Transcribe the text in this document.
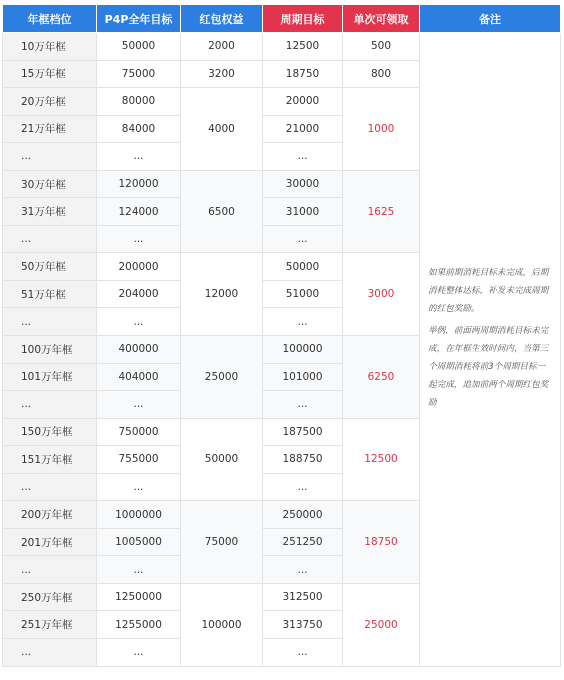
年框档位	P4P全年目标	红包权益	周期目标	单次可领取	备注
10万年框	50000	2000	12500	500	如果前期消耗目标未完成，后期消耗整体达标，补发未完成周期的红包奖励。

举例，前面两周期消耗目标未完成，在年框生效时间内，当第三个周期消耗将前3个周期目标一起完成，追加前两个周期红包奖励

15万年框	75000	3200	18750	800	
20万年框	80000	4000	20000	1000	
21万年框	84000		21000		
...	...		...		
30万年框	120000	6500	30000	1625	
31万年框	124000		31000		
...	...		...		
50万年框	200000	12000	50000	3000	
51万年框	204000		51000		
...	...		...		
100万年框	400000	25000	100000	6250	
101万年框	404000		101000		
...	...		...		
150万年框	750000	50000	187500	12500	
151万年框	755000		188750		
...	...		...		
200万年框	1000000	75000	250000	18750	
201万年框	1005000		251250		
...	...		...		
250万年框	1250000	100000	312500	25000	
251万年框	1255000		313750		
...	...		...		
